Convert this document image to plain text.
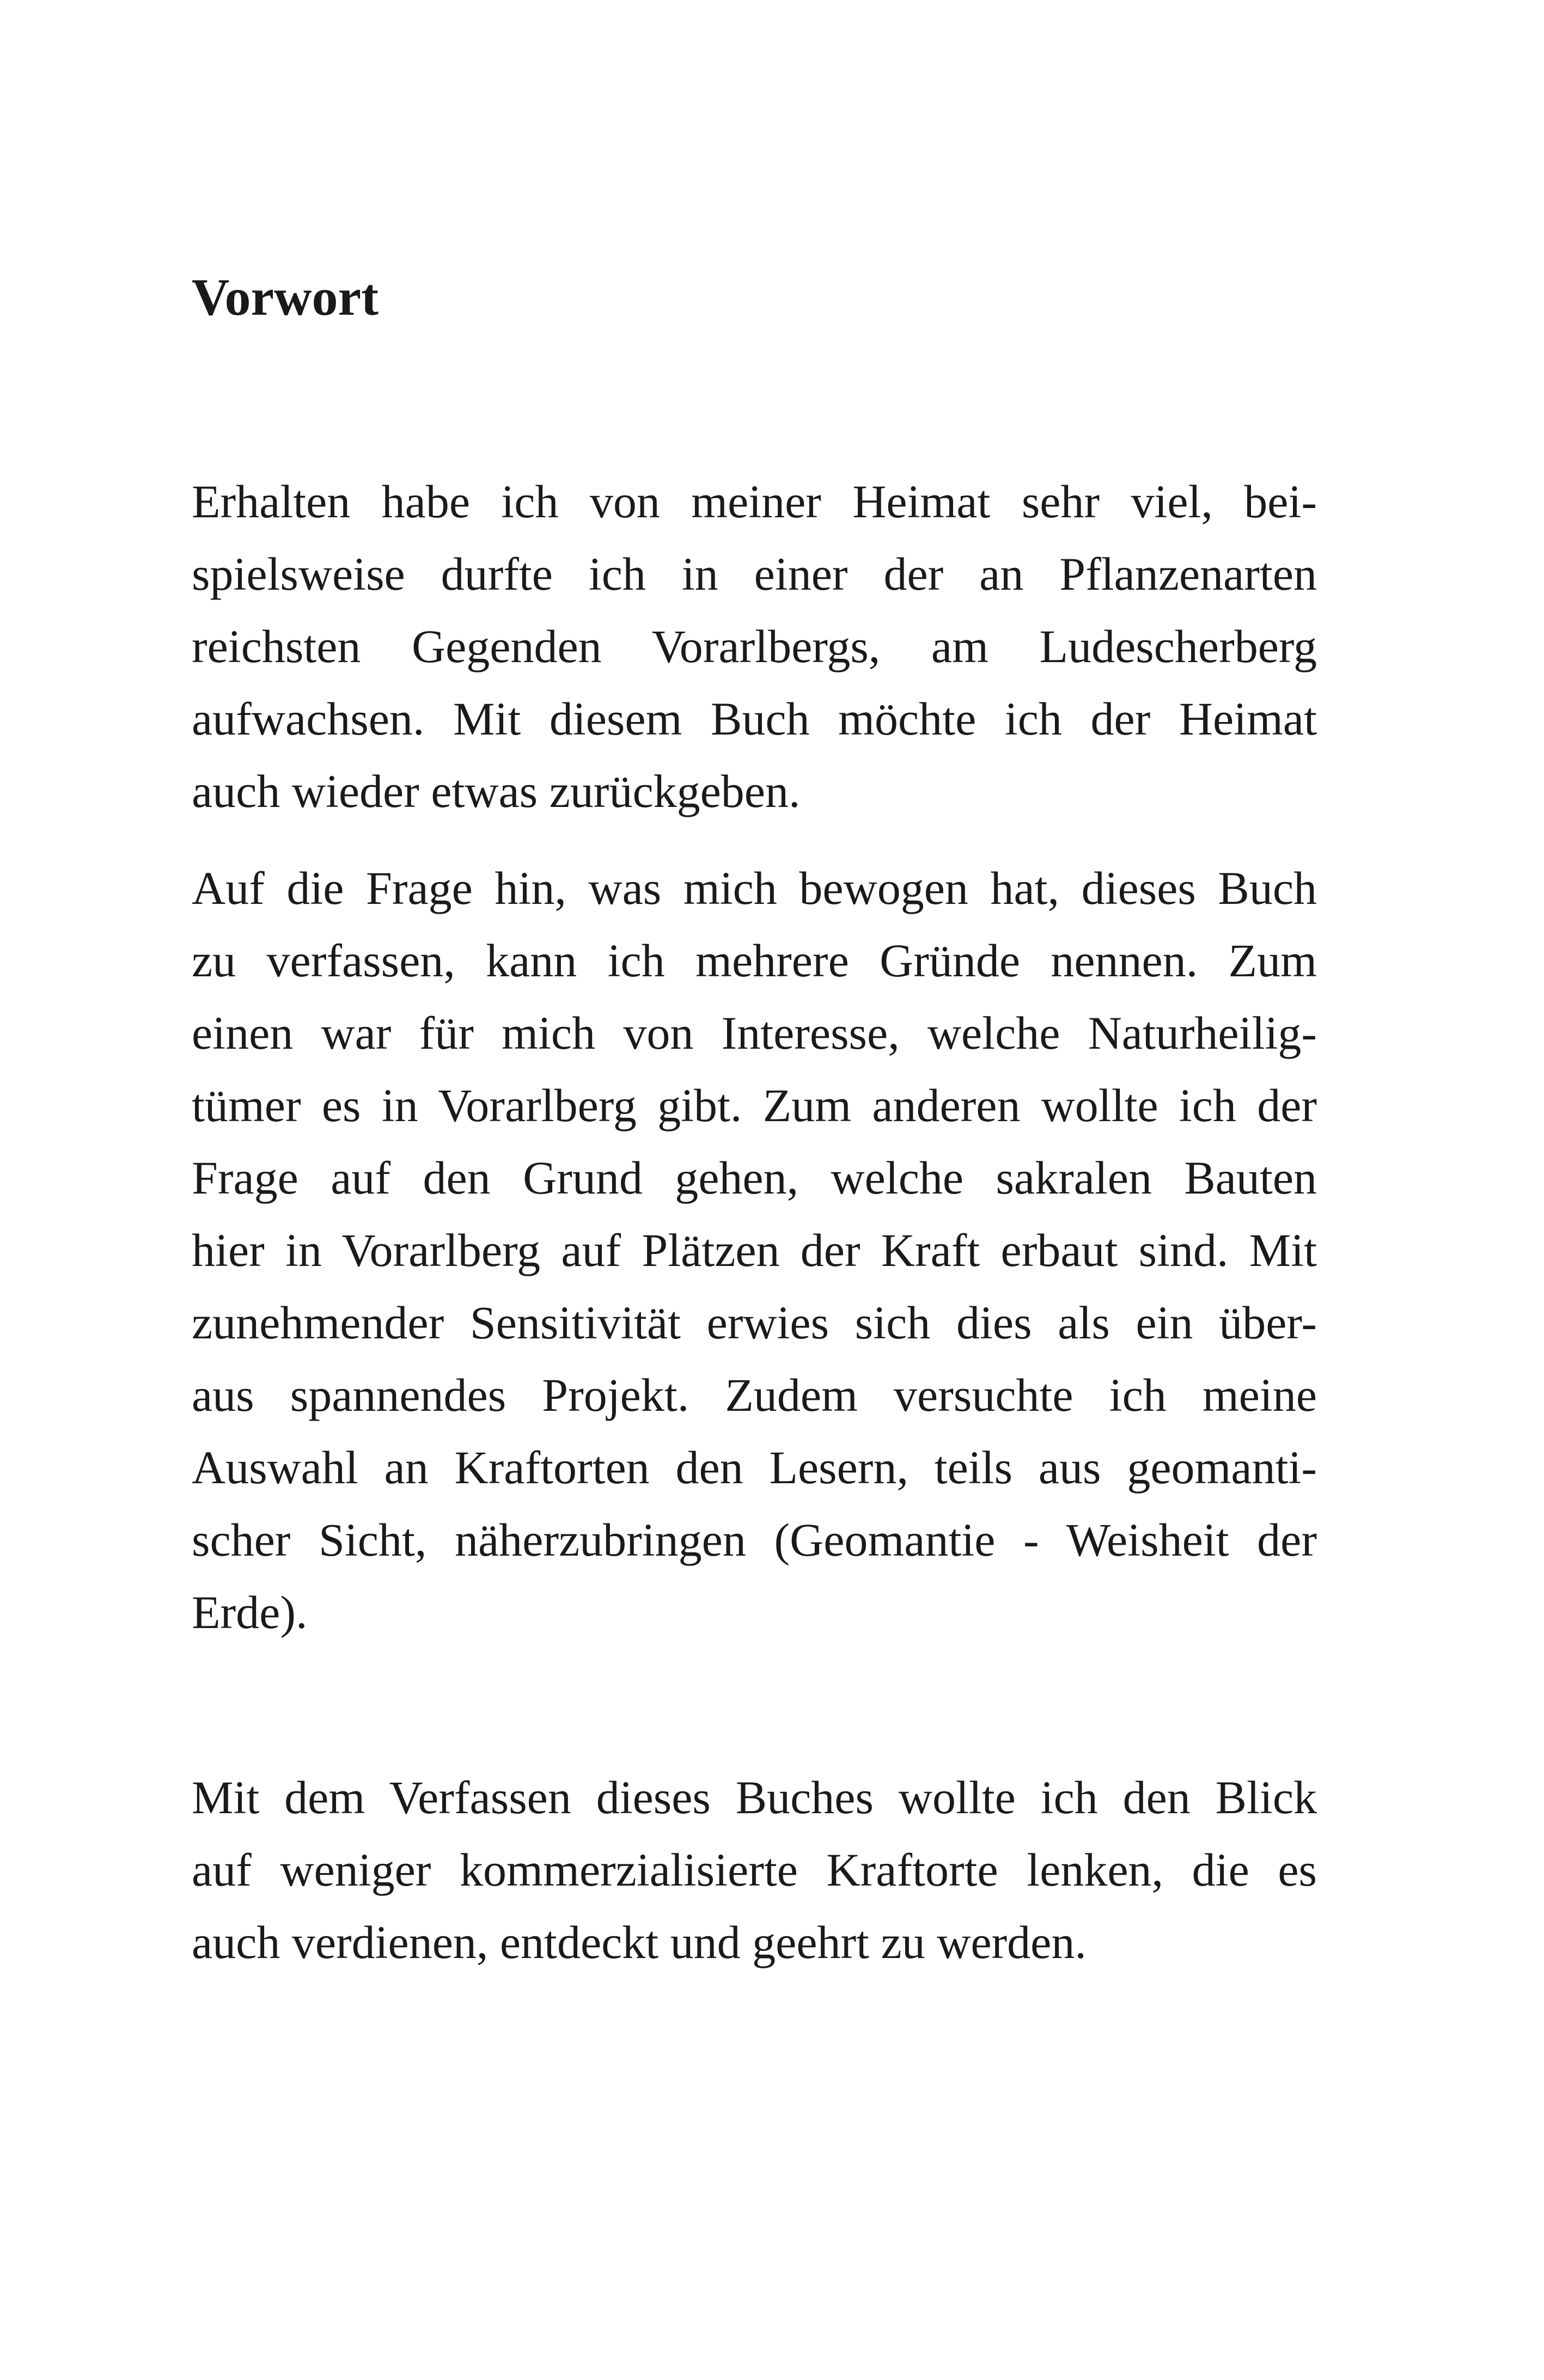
Vorwort

Erhalten habe ich von meiner Heimat sehr viel, bei-
spielsweise durfte ich in einer der an Pflanzenarten
reichsten Gegenden Vorarlbergs, am Ludescherberg
aufwachsen. Mit diesem Buch möchte ich der Heimat
auch wieder etwas zurückgeben.

Auf die Frage hin, was mich bewogen hat, dieses Buch
zu verfassen, kann ich mehrere Gründe nennen. Zum
einen war für mich von Interesse, welche Naturheilig-
tümer es in Vorarlberg gibt. Zum anderen wollte ich der
Frage auf den Grund gehen, welche sakralen Bauten
hier in Vorarlberg auf Plätzen der Kraft erbaut sind. Mit
zunehmender Sensitivität erwies sich dies als ein über-
aus spannendes Projekt. Zudem versuchte ich meine
Auswahl an Kraftorten den Lesern, teils aus geomanti-
scher Sicht, näherzubringen (Geomantie - Weisheit der
Erde).

Mit dem Verfassen dieses Buches wollte ich den Blick
auf weniger kommerzialisierte Kraftorte lenken, die es
auch verdienen, entdeckt und geehrt zu werden.
